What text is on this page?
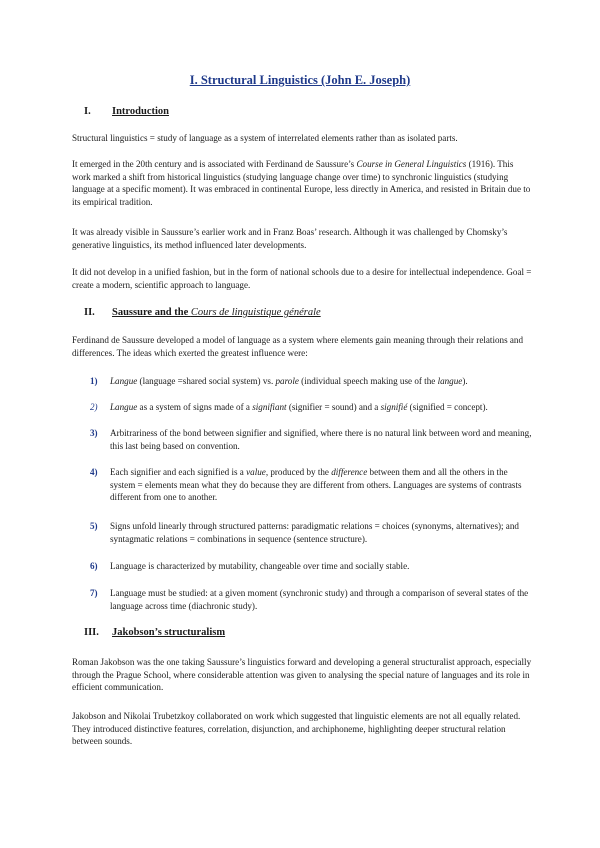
I. Structural Linguistics (John E. Joseph)
I. Introduction
Structural linguistics = study of language as a system of interrelated elements rather than as isolated parts.
It emerged in the 20th century and is associated with Ferdinand de Saussure’s Course in General Linguistics (1916). This work marked a shift from historical linguistics (studying language change over time) to synchronic linguistics (studying language at a specific moment). It was embraced in continental Europe, less directly in America, and resisted in Britain due to its empirical tradition.
It was already visible in Saussure’s earlier work and in Franz Boas’ research. Although it was challenged by Chomsky’s generative linguistics, its method influenced later developments.
It did not develop in a unified fashion, but in the form of national schools due to a desire for intellectual independence. Goal = create a modern, scientific approach to language.
II. Saussure and the Cours de linguistique générale
Ferdinand de Saussure developed a model of language as a system where elements gain meaning through their relations and differences. The ideas which exerted the greatest influence were:
1) Langue (language =shared social system) vs. parole (individual speech making use of the langue).
2) Langue as a system of signs made of a signifiant (signifier = sound) and a signifié (signified = concept).
3) Arbitrariness of the bond between signifier and signified, where there is no natural link between word and meaning, this last being based on convention.
4) Each signifier and each signified is a value, produced by the difference between them and all the others in the system = elements mean what they do because they are different from others. Languages are systems of contrasts different from one to another.
5) Signs unfold linearly through structured patterns: paradigmatic relations = choices (synonyms, alternatives); and syntagmatic relations = combinations in sequence (sentence structure).
6) Language is characterized by mutability, changeable over time and socially stable.
7) Language must be studied: at a given moment (synchronic study) and through a comparison of several states of the language across time (diachronic study).
III. Jakobson’s structuralism
Roman Jakobson was the one taking Saussure’s linguistics forward and developing a general structuralist approach, especially through the Prague School, where considerable attention was given to analysing the special nature of languages and its role in efficient communication.
Jakobson and Nikolai Trubetzkoy collaborated on work which suggested that linguistic elements are not all equally related. They introduced distinctive features, correlation, disjunction, and archiphoneme, highlighting deeper structural relation between sounds.
